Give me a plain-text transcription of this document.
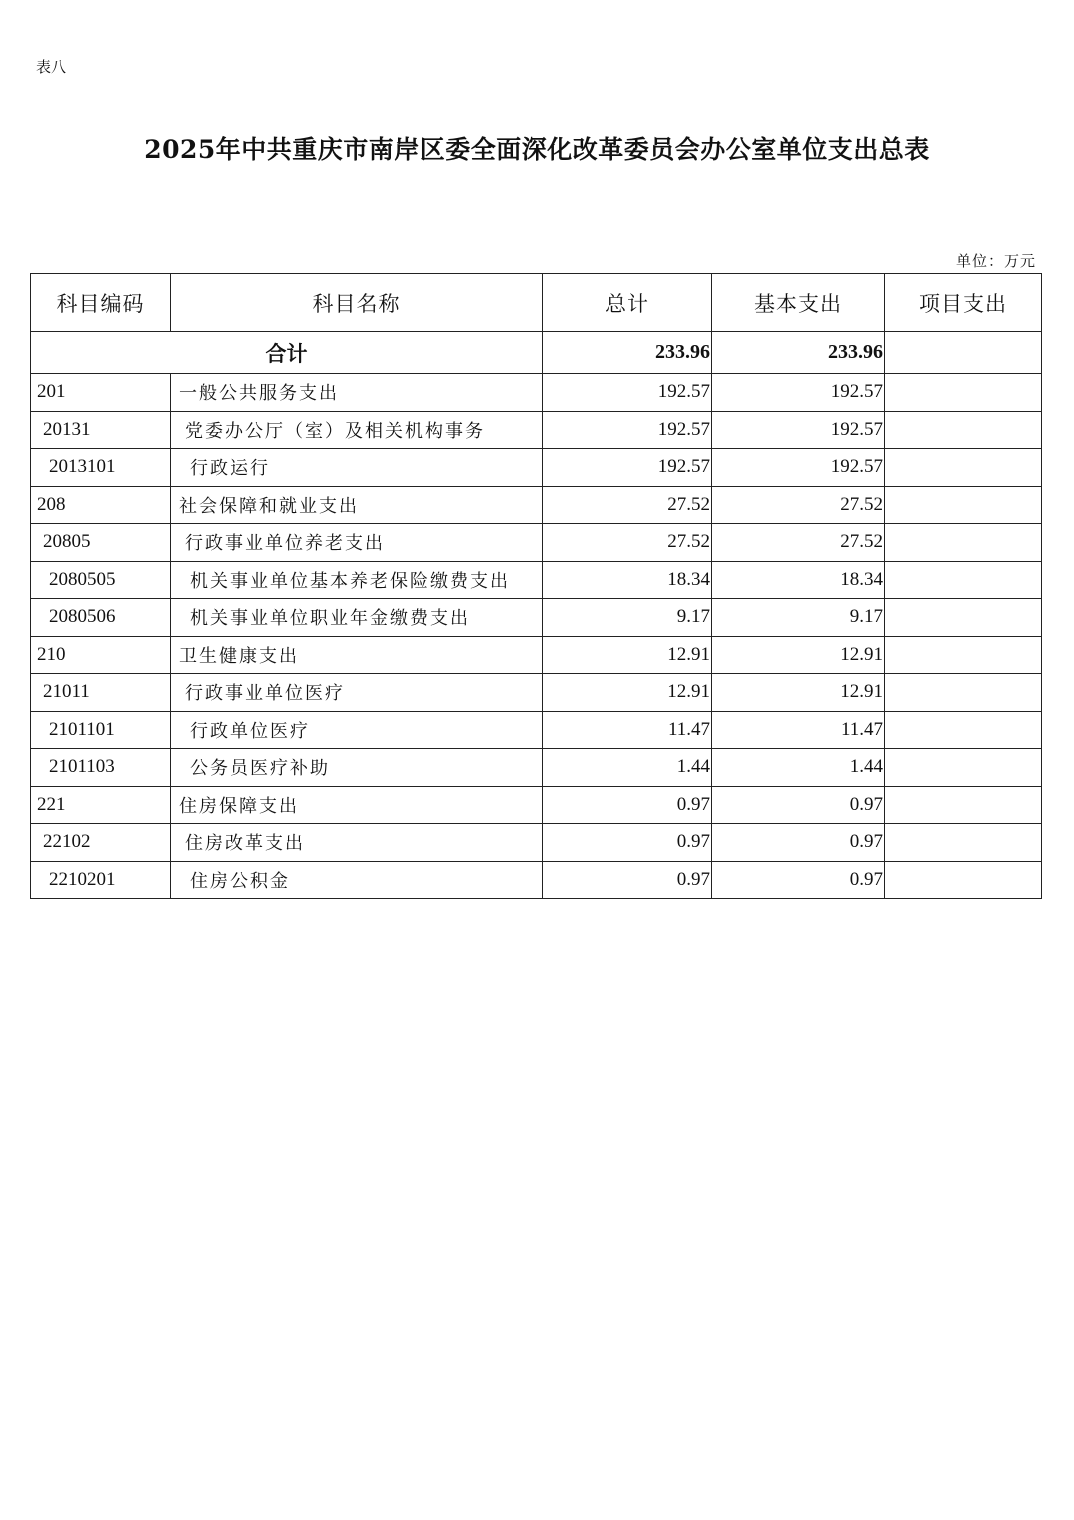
表八
2025年中共重庆市南岸区委全面深化改革委员会办公室单位支出总表
单位：万元
科目编码	科目名称	总计	基本支出	项目支出
合计		233.96	233.96	
201	一般公共服务支出	192.57	192.57	
20131	党委办公厅（室）及相关机构事务	192.57	192.57	
2013101	行政运行	192.57	192.57	
208	社会保障和就业支出	27.52	27.52	
20805	行政事业单位养老支出	27.52	27.52	
2080505	机关事业单位基本养老保险缴费支出	18.34	18.34	
2080506	机关事业单位职业年金缴费支出	9.17	9.17	
210	卫生健康支出	12.91	12.91	
21011	行政事业单位医疗	12.91	12.91	
2101101	行政单位医疗	11.47	11.47	
2101103	公务员医疗补助	1.44	1.44	
221	住房保障支出	0.97	0.97	
22102	住房改革支出	0.97	0.97	
2210201	住房公积金	0.97	0.97	
